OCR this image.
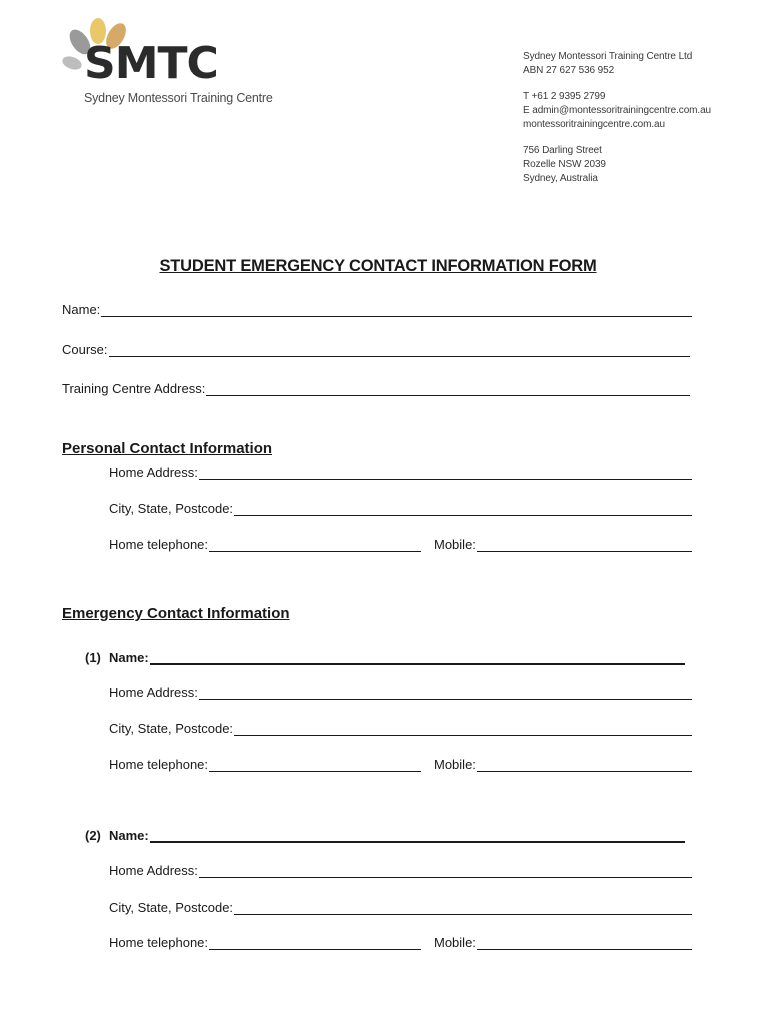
SMTC
Sydney Montessori Training Centre
Sydney Montessori Training Centre Ltd
ABN 27 627 536 952
T +61 2 9395 2799
E admin@montessoritrainingcentre.com.au
montessoritrainingcentre.com.au
756 Darling Street
Rozelle NSW 2039
Sydney, Australia
STUDENT EMERGENCY CONTACT INFORMATION FORM
Name:
Course:
Training Centre Address:
Personal Contact Information
Home Address:
City, State, Postcode:
Home telephone:	Mobile:
Emergency Contact Information
(1) Name:
Home Address:
City, State, Postcode:
Home telephone:	Mobile:
(2) Name:
Home Address:
City, State, Postcode:
Home telephone:	Mobile:
